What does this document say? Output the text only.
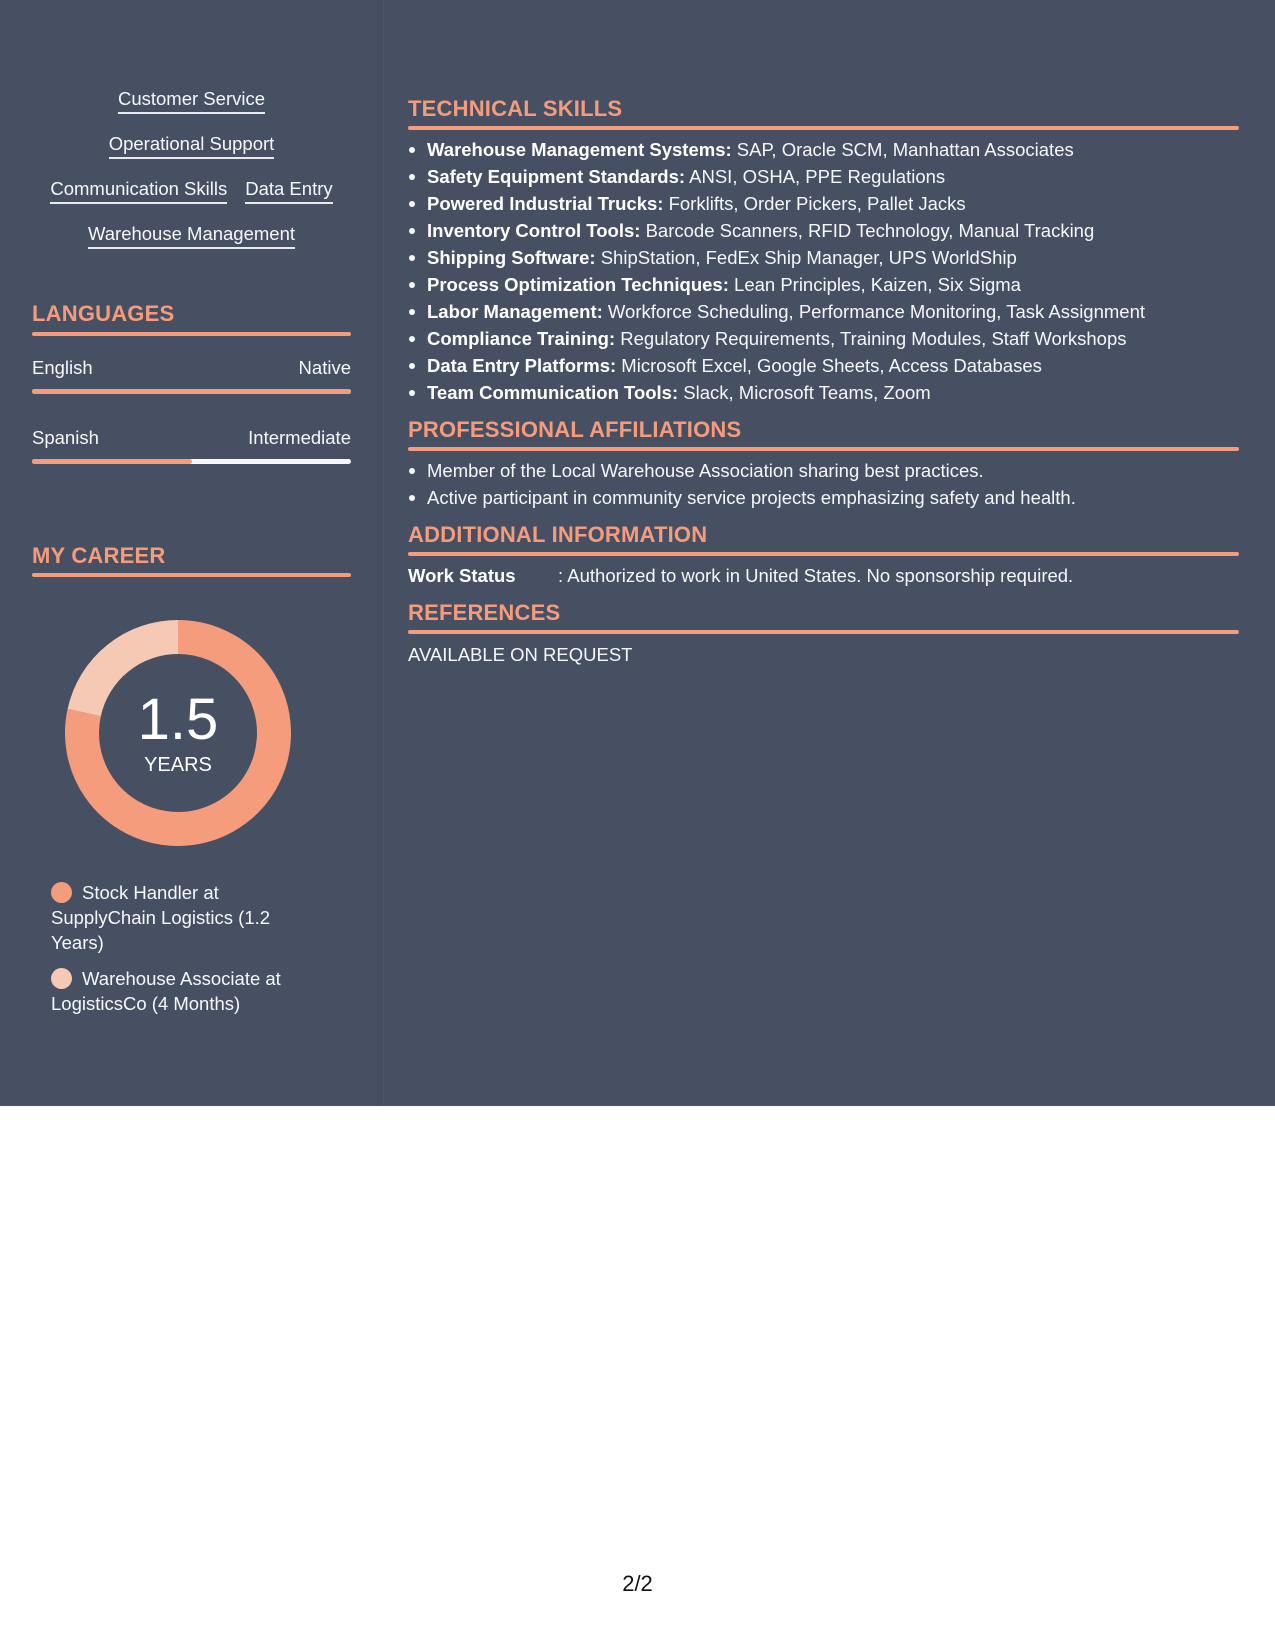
Customer Service
Operational Support
Communication Skills Data Entry
Warehouse Management
LANGUAGES
English	Native
Spanish	Intermediate
MY CAREER
1.5
YEARS
Stock Handler at SupplyChain Logistics (1.2 Years)
Warehouse Associate at LogisticsCo (4 Months)
TECHNICAL SKILLS
Warehouse Management Systems: SAP, Oracle SCM, Manhattan Associates
Safety Equipment Standards: ANSI, OSHA, PPE Regulations
Powered Industrial Trucks: Forklifts, Order Pickers, Pallet Jacks
Inventory Control Tools: Barcode Scanners, RFID Technology, Manual Tracking
Shipping Software: ShipStation, FedEx Ship Manager, UPS WorldShip
Process Optimization Techniques: Lean Principles, Kaizen, Six Sigma
Labor Management: Workforce Scheduling, Performance Monitoring, Task Assignment
Compliance Training: Regulatory Requirements, Training Modules, Staff Workshops
Data Entry Platforms: Microsoft Excel, Google Sheets, Access Databases
Team Communication Tools: Slack, Microsoft Teams, Zoom
PROFESSIONAL AFFILIATIONS
Member of the Local Warehouse Association sharing best practices.
Active participant in community service projects emphasizing safety and health.
ADDITIONAL INFORMATION
Work Status	: Authorized to work in United States. No sponsorship required.
REFERENCES
AVAILABLE ON REQUEST
2/2
